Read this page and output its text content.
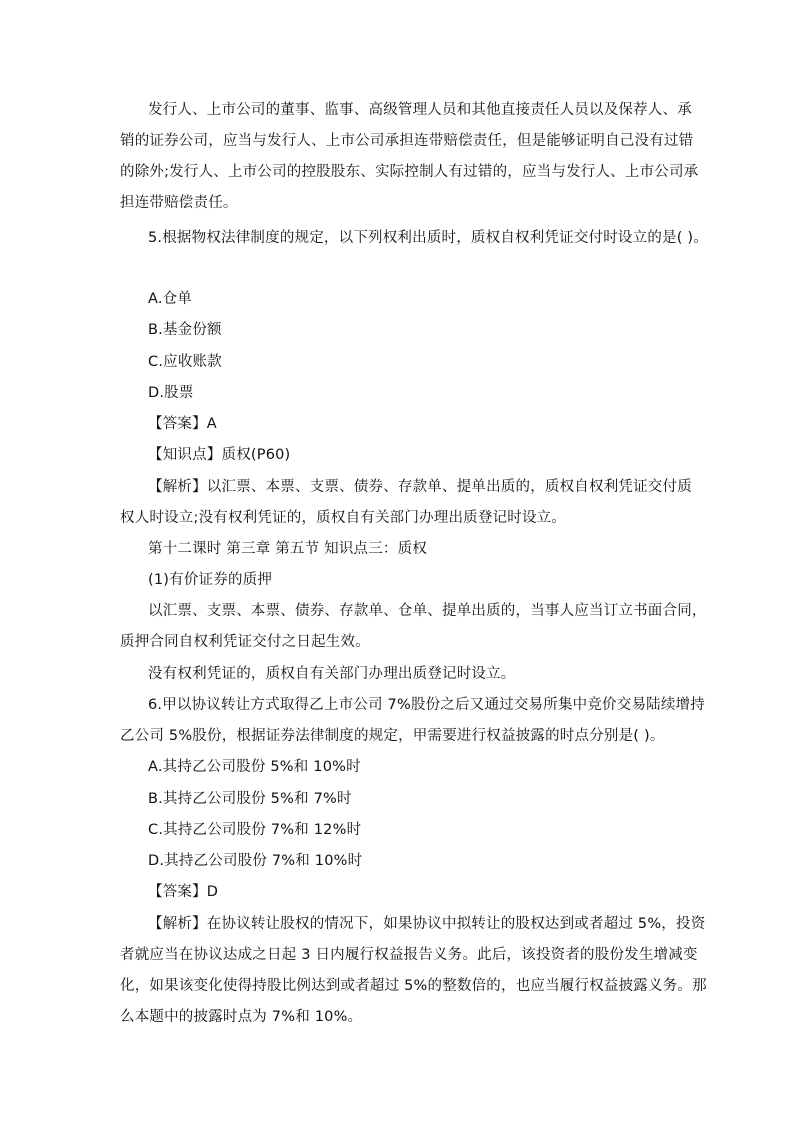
发行人、上市公司的董事、监事、高级管理人员和其他直接责任人员以及保荐人、承
销的证券公司，应当与发行人、上市公司承担连带赔偿责任，但是能够证明自己没有过错
的除外;发行人、上市公司的控股股东、实际控制人有过错的，应当与发行人、上市公司承
担连带赔偿责任。
5.根据物权法律制度的规定，以下列权利出质时，质权自权利凭证交付时设立的是( )。
A.仓单
B.基金份额
C.应收账款
D.股票
【答案】A
【知识点】质权(P60)
【解析】以汇票、本票、支票、债券、存款单、提单出质的，质权自权利凭证交付质
权人时设立;没有权利凭证的，质权自有关部门办理出质登记时设立。
第十二课时 第三章 第五节 知识点三：质权
(1)有价证券的质押
以汇票、支票、本票、债券、存款单、仓单、提单出质的，当事人应当订立书面合同，
质押合同自权利凭证交付之日起生效。
没有权利凭证的，质权自有关部门办理出质登记时设立。
6.甲以协议转让方式取得乙上市公司 7%股份之后又通过交易所集中竞价交易陆续增持
乙公司 5%股份，根据证券法律制度的规定，甲需要进行权益披露的时点分别是( )。
A.其持乙公司股份 5%和 10%时
B.其持乙公司股份 5%和 7%时
C.其持乙公司股份 7%和 12%时
D.其持乙公司股份 7%和 10%时
【答案】D
【解析】在协议转让股权的情况下，如果协议中拟转让的股权达到或者超过 5%，投资
者就应当在协议达成之日起 3 日内履行权益报告义务。此后，该投资者的股份发生增减变
化，如果该变化使得持股比例达到或者超过 5%的整数倍的，也应当履行权益披露义务。那
么本题中的披露时点为 7%和 10%。
